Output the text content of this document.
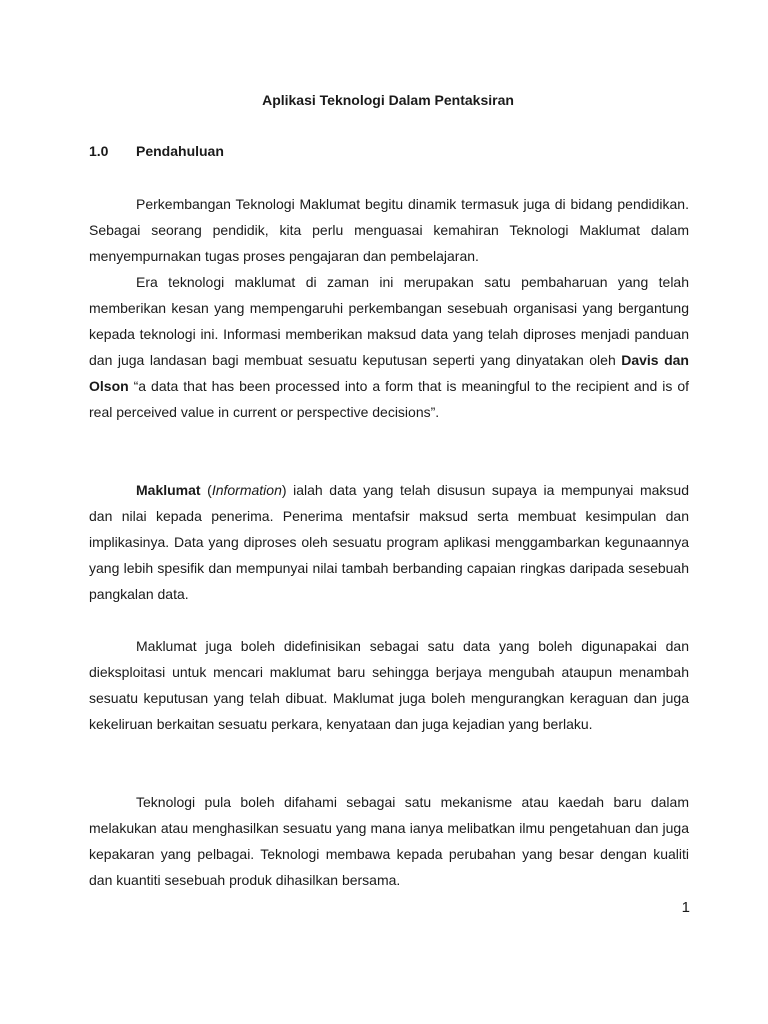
Aplikasi Teknologi Dalam Pentaksiran
1.0 Pendahuluan

Perkembangan Teknologi Maklumat begitu dinamik termasuk juga di bidang pendidikan. Sebagai seorang pendidik, kita perlu menguasai kemahiran Teknologi Maklumat dalam menyempurnakan tugas proses pengajaran dan pembelajaran.

Era teknologi maklumat di zaman ini merupakan satu pembaharuan yang telah memberikan kesan yang mempengaruhi perkembangan sesebuah organisasi yang bergantung kepada teknologi ini. Informasi memberikan maksud data yang telah diproses menjadi panduan dan juga landasan bagi membuat sesuatu keputusan seperti yang dinyatakan oleh Davis dan Olson “a data that has been processed into a form that is meaningful to the recipient and is of real perceived value in current or perspective decisions”.

Maklumat (Information) ialah data yang telah disusun supaya ia mempunyai maksud dan nilai kepada penerima. Penerima mentafsir maksud serta membuat kesimpulan dan implikasinya. Data yang diproses oleh sesuatu program aplikasi menggambarkan kegunaannya yang lebih spesifik dan mempunyai nilai tambah berbanding capaian ringkas daripada sesebuah pangkalan data.

Maklumat juga boleh didefinisikan sebagai satu data yang boleh digunapakai dan dieksploitasi untuk mencari maklumat baru sehingga berjaya mengubah ataupun menambah sesuatu keputusan yang telah dibuat. Maklumat juga boleh mengurangkan keraguan dan juga kekeliruan berkaitan sesuatu perkara, kenyataan dan juga kejadian yang berlaku.

Teknologi pula boleh difahami sebagai satu mekanisme atau kaedah baru dalam melakukan atau menghasilkan sesuatu yang mana ianya melibatkan ilmu pengetahuan dan juga kepakaran yang pelbagai. Teknologi membawa kepada perubahan yang besar dengan kualiti dan kuantiti sesebuah produk dihasilkan bersama.

1
